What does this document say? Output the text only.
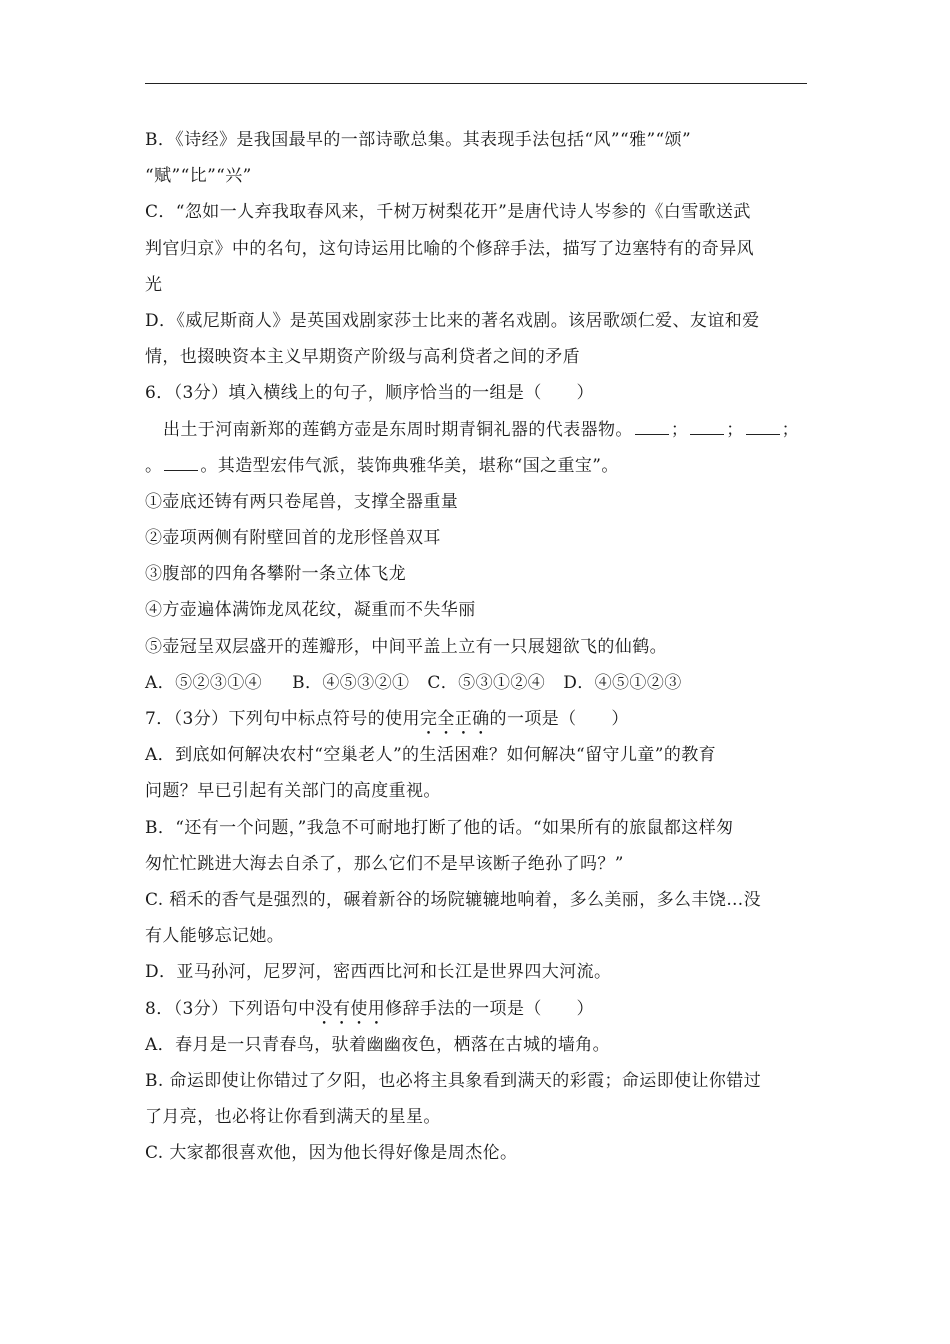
B．《诗经》是我国最早的一部诗歌总集。其表现手法包括“风”“雅”“颂”
“赋”“比”“兴”
C．“忽如一人弃我取春风来，千树万树梨花开”是唐代诗人岑参的《白雪歌送武
判官归京》中的名句，这句诗运用比喻的个修辞手法，描写了边塞特有的奇异风
光
D．《威尼斯商人》是英国戏剧家莎士比来的著名戏剧。该居歌颂仁爱、友谊和爱
情，也掇映资本主义早期资产阶级与高利贷者之间的矛盾
6．（3分）填入横线上的句子，顺序恰当的一组是（　　）
出土于河南新郑的莲鹤方壶是东周时期青铜礼器的代表器物。 ； ； ；
。 。其造型宏伟气派，装饰典雅华美，堪称“国之重宝”。
①壶底还铸有两只卷尾兽，支撑全器重量
②壶项两侧有附壁回首的龙形怪兽双耳
③腹部的四角各攀附一条立体飞龙
④方壶遍体满饰龙凤花纹，凝重而不失华丽
⑤壶冠呈双层盛开的莲瓣形，中间平盖上立有一只展翅欲飞的仙鹤。
A．⑤②③①④ B．④⑤③②① C．⑤③①②④ D．④⑤①②③
7．（3分）下列句中标点符号的使用完全正确的一项是（　　）
A．到底如何解决农村“空巢老人”的生活困难？如何解决“留守儿童”的教育
问题？早已引起有关部门的高度重视。
B．“还有一个问题，”我急不可耐地打断了他的话。“如果所有的旅鼠都这样匆
匆忙忙跳进大海去自杀了，那么它们不是早该断子绝孙了吗？”
C. 稻禾的香气是强烈的，碾着新谷的场院辘辘地响着，多么美丽，多么丰饶…没
有人能够忘记她。
D．亚马孙河，尼罗河，密西西比河和长江是世界四大河流。
8．（3分）下列语句中没有使用修辞手法的一项是（　　）
A．春月是一只青春鸟，驮着幽幽夜色，栖落在古城的墙角。
B. 命运即使让你错过了夕阳，也必将主具象看到满天的彩霞；命运即使让你错过
了月亮，也必将让你看到满天的星星。
C. 大家都很喜欢他，因为他长得好像是周杰伦。
